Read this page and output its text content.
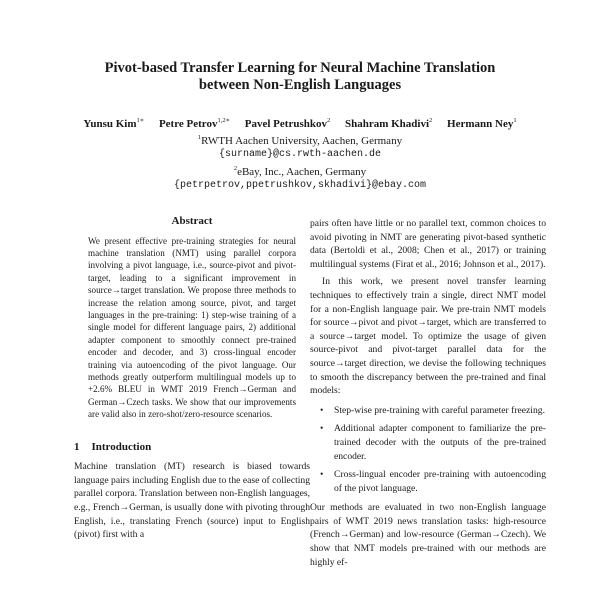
Pivot-based Transfer Learning for Neural Machine Translation
between Non-English Languages
Yunsu Kim$^{1∗}$ Petre Petrov$^{1,2∗}$ Pavel Petrushkov$^2$ Shahram Khadivi$^2$ Hermann Ney$^1$
$^1$RWTH Aachen University, Aachen, Germany
{surname}@cs.rwth-aachen.de
$^2$eBay, Inc., Aachen, Germany
{petrpetrov,ppetrushkov,skhadivi}@ebay.com
Abstract

We present effective pre-training strategies for neural machine translation (NMT) using parallel corpora involving a pivot language, i.e., source-pivot and pivot-target, leading to a significant improvement in source→target translation. We propose three methods to increase the relation among source, pivot, and target languages in the pre-training: 1) step-wise training of a single model for different language pairs, 2) additional adapter component to smoothly connect pre-trained encoder and decoder, and 3) cross-lingual encoder training via autoencoding of the pivot language. Our methods greatly outperform multilingual models up to +2.6% BLEU in WMT 2019 French→German and German→Czech tasks. We show that our improvements are valid also in zero-shot/zero-resource scenarios.

1 Introduction

Machine translation (MT) research is biased towards language pairs including English due to the ease of collecting parallel corpora. Translation between non-English languages, e.g., French→German, is usually done with pivoting through English, i.e., translating French (source) input to English (pivot) first with a

pairs often have little or no parallel text, common choices to avoid pivoting in NMT are generating pivot-based synthetic data (Bertoldi et al., 2008; Chen et al., 2017) or training multilingual systems (Firat et al., 2016; Johnson et al., 2017).

In this work, we present novel transfer learning techniques to effectively train a single, direct NMT model for a non-English language pair. We pre-train NMT models for source→pivot and pivot→target, which are transferred to a source→target model. To optimize the usage of given source-pivot and pivot-target parallel data for the source→target direction, we devise the following techniques to smooth the discrepancy between the pre-trained and final models:

• Step-wise pre-training with careful parameter freezing.
• Additional adapter component to familiarize the pre-trained decoder with the outputs of the pre-trained encoder.
• Cross-lingual encoder pre-training with autoencoding of the pivot language.

Our methods are evaluated in two non-English language pairs of WMT 2019 news translation tasks: high-resource (French→German) and low-resource (German→Czech). We show that NMT models pre-trained with our methods are highly ef-
